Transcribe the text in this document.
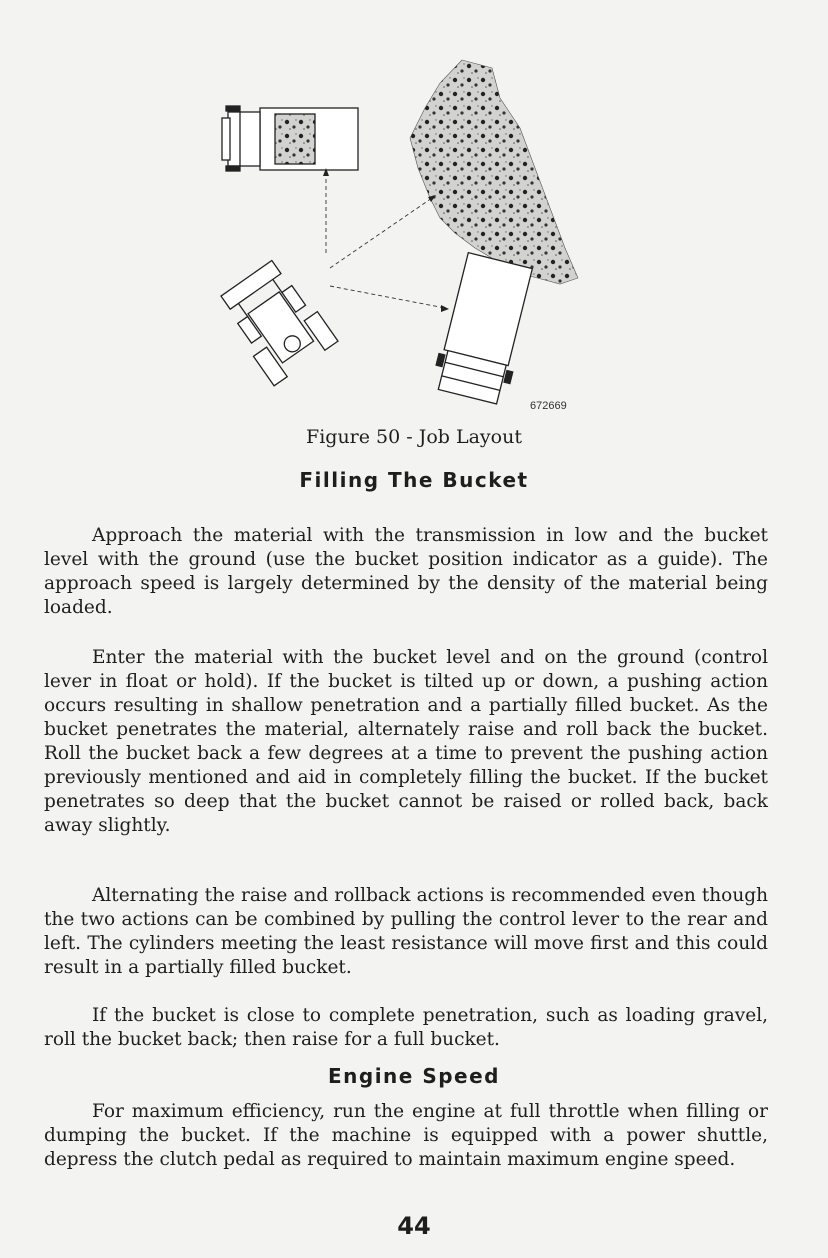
672669
Figure 50 - Job Layout
Filling The Bucket

Approach the material with the transmission in low and the bucket level with the ground (use the bucket position indicator as a guide). The approach speed is largely determined by the density of the material being loaded.

Enter the material with the bucket level and on the ground (control lever in float or hold). If the bucket is tilted up or down, a pushing action occurs resulting in shallow penetration and a partially filled bucket. As the bucket penetrates the material, alternately raise and roll back the bucket. Roll the bucket back a few degrees at a time to prevent the pushing action previously mentioned and aid in completely filling the bucket. If the bucket penetrates so deep that the bucket cannot be raised or rolled back, back away slightly.

Alternating the raise and rollback actions is recommended even though the two actions can be combined by pulling the control lever to the rear and left. The cylinders meeting the least resistance will move first and this could result in a partially filled bucket.

If the bucket is close to complete penetration, such as loading gravel, roll the bucket back; then raise for a full bucket.

Engine Speed

For maximum efficiency, run the engine at full throttle when filling or dumping the bucket. If the machine is equipped with a power shuttle, depress the clutch pedal as required to maintain maximum engine speed.

44
